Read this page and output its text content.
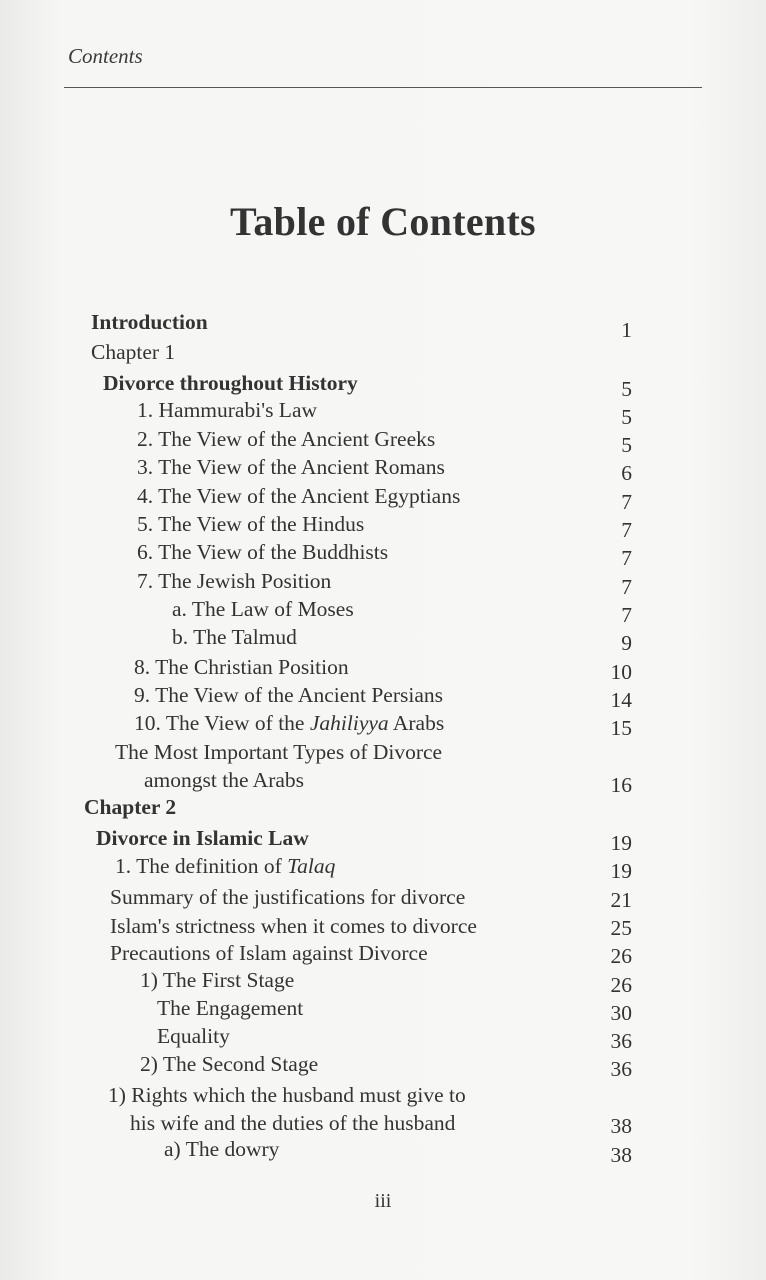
Contents
Table of Contents
Introduction	1
Chapter 1
Divorce throughout History	5
1. Hammurabi's Law	5
2. The View of the Ancient Greeks	5
3. The View of the Ancient Romans	6
4. The View of the Ancient Egyptians	7
5. The View of the Hindus	7
6. The View of the Buddhists	7
7. The Jewish Position	7
a. The Law of Moses	7
b. The Talmud	9
8. The Christian Position	10
9. The View of the Ancient Persians	14
10. The View of the Jahiliyya Arabs	15
The Most Important Types of Divorce
amongst the Arabs	16
Chapter 2
Divorce in Islamic Law	19
1. The definition of Talaq	19
Summary of the justifications for divorce	21
Islam's strictness when it comes to divorce	25
Precautions of Islam against Divorce	26
1) The First Stage	26
The Engagement	30
Equality	36
2) The Second Stage	36
1) Rights which the husband must give to
his wife and the duties of the husband	38
a) The dowry	38
iii
